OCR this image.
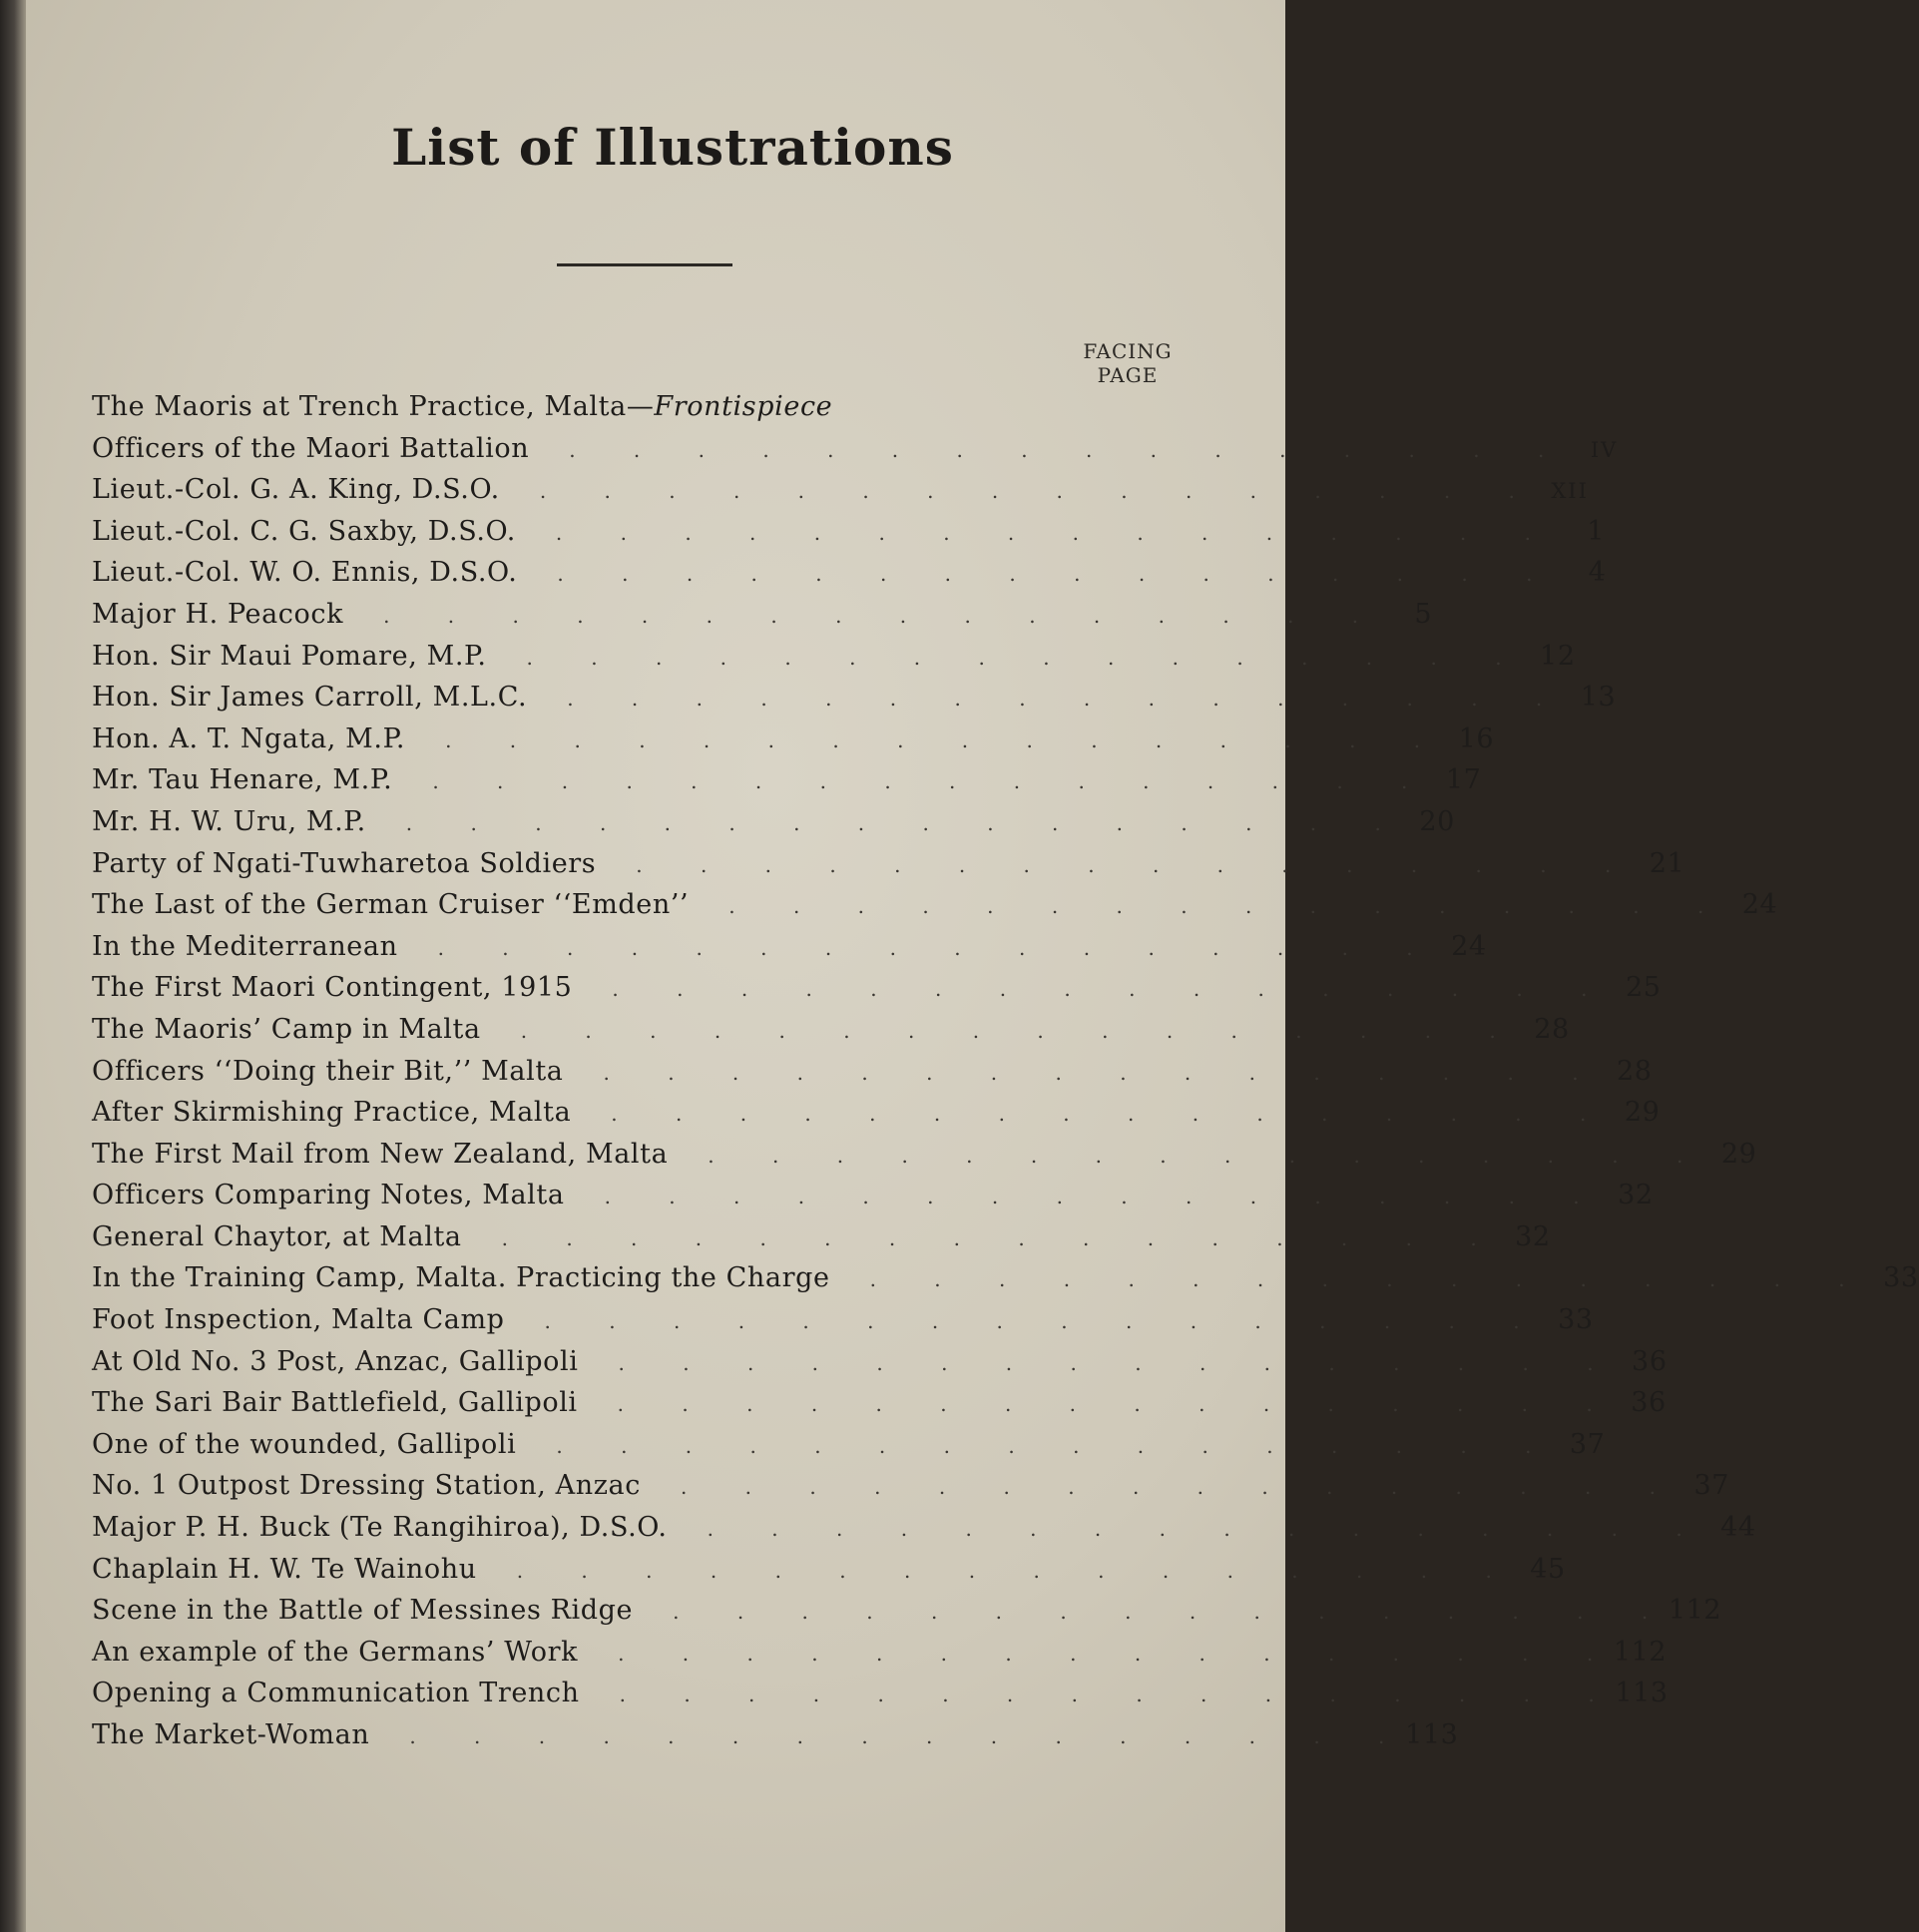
List of Illustrations
FACING
PAGE
The Maoris at Trench Practice, Malta—Frontispiece
Officers of the Maori Battalion	. . . . . . . . . . . . . . . .	IV
Lieut.-Col. G. A. King, D.S.O.	. . . . . . . . . . . . . . . .	XII
Lieut.-Col. C. G. Saxby, D.S.O.	. . . . . . . . . . . . . . . .	1
Lieut.-Col. W. O. Ennis, D.S.O.	. . . . . . . . . . . . . . . .	4
Major H. Peacock	. . . . . . . . . . . . . . . .	5
Hon. Sir Maui Pomare, M.P.	. . . . . . . . . . . . . . . .	12
Hon. Sir James Carroll, M.L.C.	. . . . . . . . . . . . . . . .	13
Hon. A. T. Ngata, M.P.	. . . . . . . . . . . . . . . .	16
Mr. Tau Henare, M.P.	. . . . . . . . . . . . . . . .	17
Mr. H. W. Uru, M.P.	. . . . . . . . . . . . . . . .	20
Party of Ngati-Tuwharetoa Soldiers	. . . . . . . . . . . . . . . .	21
The Last of the German Cruiser ‘‘Emden’’	. . . . . . . . . . . . . . . .	24
In the Mediterranean	. . . . . . . . . . . . . . . .	24
The First Maori Contingent, 1915	. . . . . . . . . . . . . . . .	25
The Maoris’ Camp in Malta	. . . . . . . . . . . . . . . .	28
Officers ‘‘Doing their Bit,’’ Malta	. . . . . . . . . . . . . . . .	28
After Skirmishing Practice, Malta	. . . . . . . . . . . . . . . .	29
The First Mail from New Zealand, Malta	. . . . . . . . . . . . . . . .	29
Officers Comparing Notes, Malta	. . . . . . . . . . . . . . . .	32
General Chaytor, at Malta	. . . . . . . . . . . . . . . .	32
In the Training Camp, Malta. Practicing the Charge	. . . . . . . . . . . . . . . .	33
Foot Inspection, Malta Camp	. . . . . . . . . . . . . . . .	33
At Old No. 3 Post, Anzac, Gallipoli	. . . . . . . . . . . . . . . .	36
The Sari Bair Battlefield, Gallipoli	. . . . . . . . . . . . . . . .	36
One of the wounded, Gallipoli	. . . . . . . . . . . . . . . .	37
No. 1 Outpost Dressing Station, Anzac	. . . . . . . . . . . . . . . .	37
Major P. H. Buck (Te Rangihiroa), D.S.O.	. . . . . . . . . . . . . . . .	44
Chaplain H. W. Te Wainohu	. . . . . . . . . . . . . . . .	45
Scene in the Battle of Messines Ridge	. . . . . . . . . . . . . . . . 112
An example of the Germans’ Work	. . . . . . . . . . . . . . . . 112
Opening a Communication Trench	. . . . . . . . . . . . . . . . 113
The Market-Woman	. . . . . . . . . . . . . . . . 113
